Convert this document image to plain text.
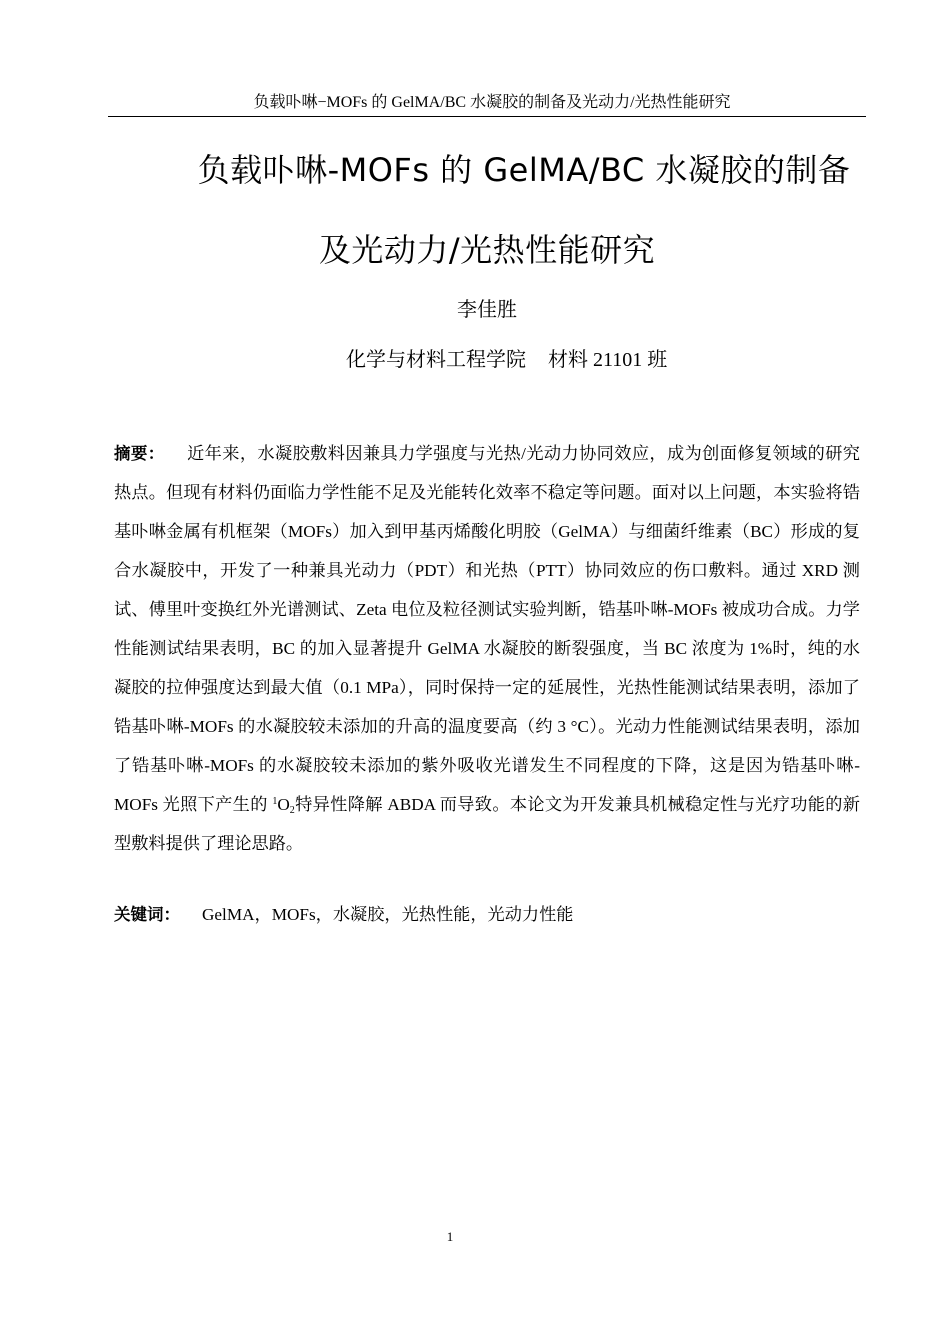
负载卟啉−MOFs 的 GelMA/BC 水凝胶的制备及光动力/光热性能研究
负载卟啉-MOFs 的 GelMA/BC 水凝胶的制备
及光动力/光热性能研究
李佳胜
化学与材料工程学院 材料 21101 班
摘要： 近年来，水凝胶敷料因兼具力学强度与光热/光动力协同效应，成为创面修复领域的研究热点。但现有材料仍面临力学性能不足及光能转化效率不稳定等问题。面对以上问题，本实验将锆基卟啉金属有机框架（MOFs）加入到甲基丙烯酸化明胶（GelMA）与细菌纤维素（BC）形成的复合水凝胶中，开发了一种兼具光动力（PDT）和光热（PTT）协同效应的伤口敷料。通过 XRD 测试、傅里叶变换红外光谱测试、Zeta 电位及粒径测试实验判断，锆基卟啉-MOFs 被成功合成。力学性能测试结果表明，BC 的加入显著提升 GelMA 水凝胶的断裂强度，当 BC 浓度为 1%时，纯的水凝胶的拉伸强度达到最大值（0.1 MPa），同时保持一定的延展性，光热性能测试结果表明，添加了锆基卟啉-MOFs 的水凝胶较未添加的升高的温度要高（约 3 °C）。光动力性能测试结果表明，添加了锆基卟啉-MOFs 的水凝胶较未添加的紫外吸收光谱发生不同程度的下降，这是因为锆基卟啉-MOFs 光照下产生的 $^1O_2$特异性降解 ABDA 而导致。本论文为开发兼具机械稳定性与光疗功能的新型敷料提供了理论思路。
关键词： GelMA，MOFs，水凝胶，光热性能，光动力性能
1
